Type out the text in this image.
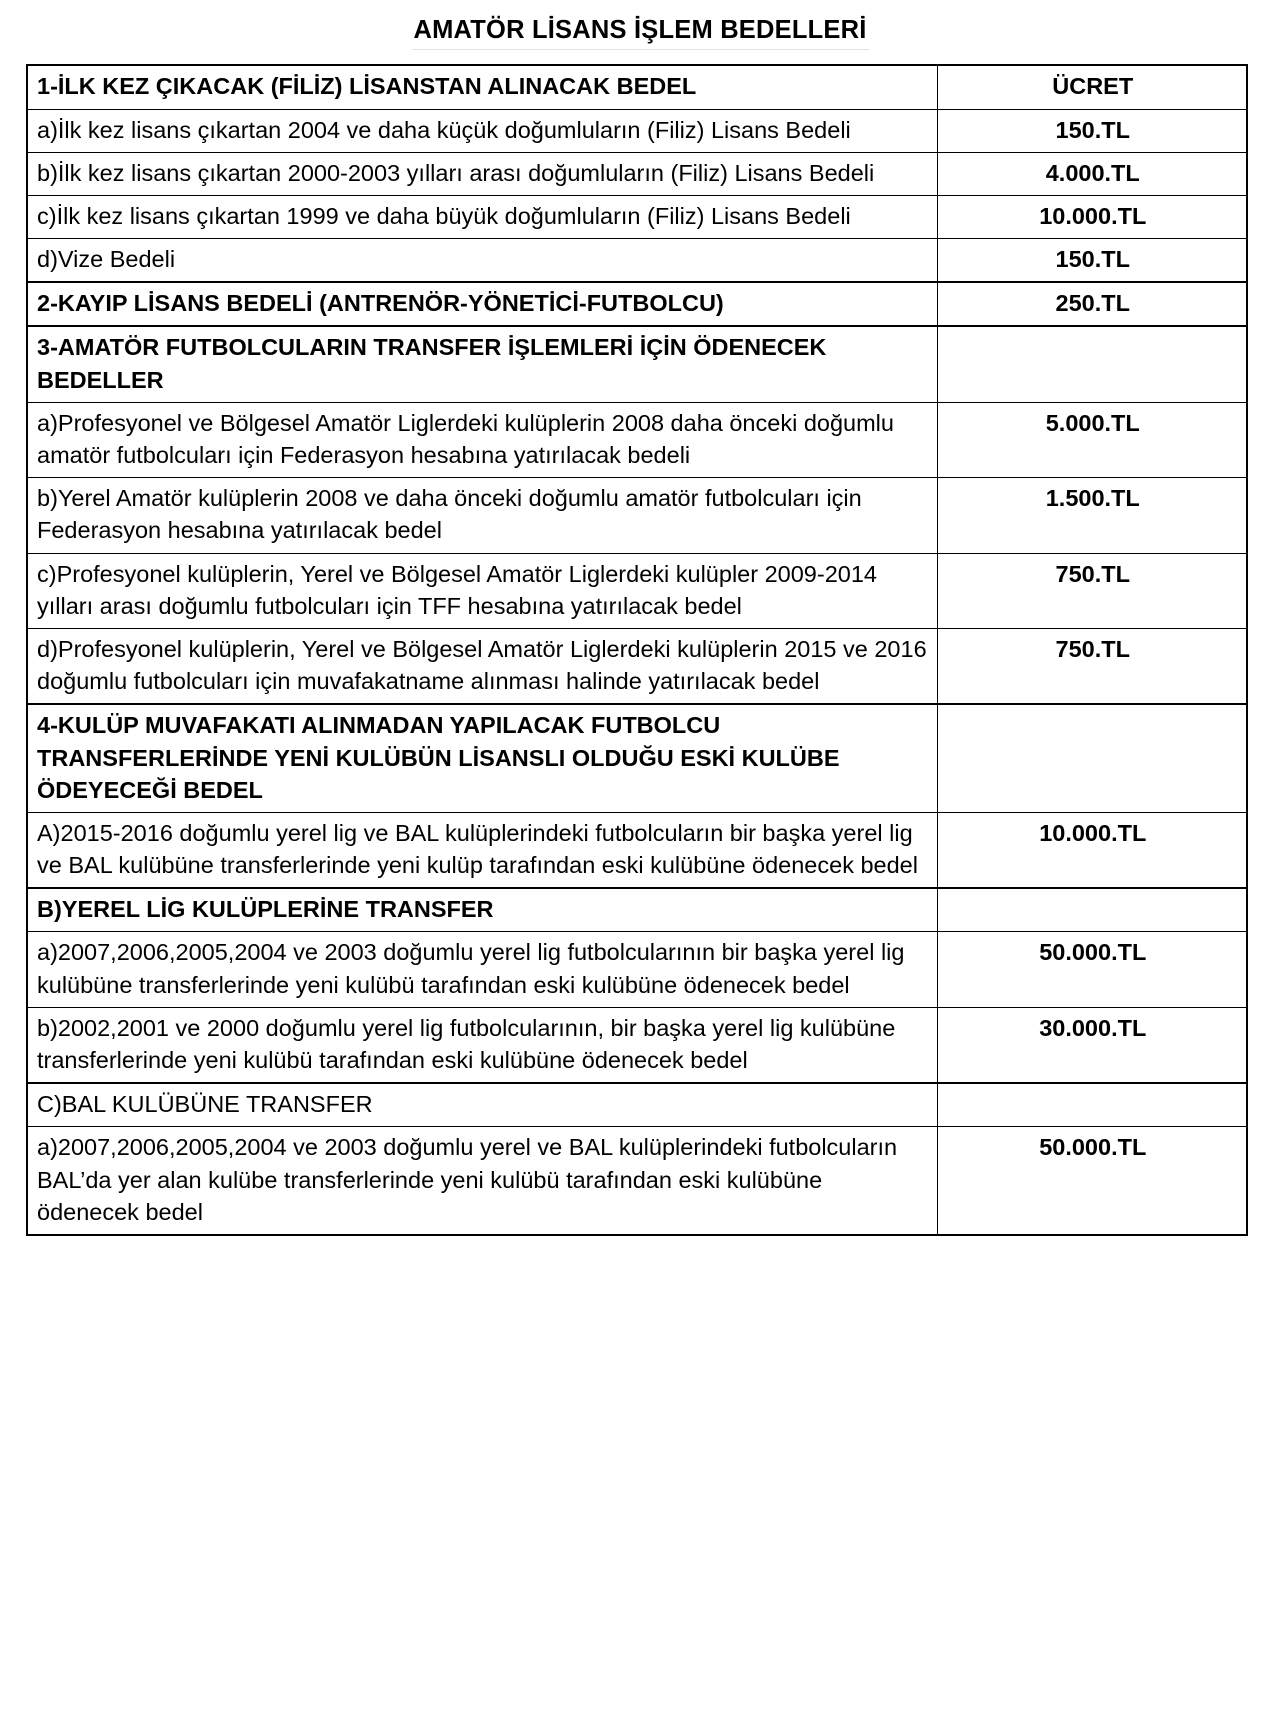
AMATÖR LİSANS İŞLEM BEDELLERİ
1-İLK KEZ ÇIKACAK (FİLİZ) LİSANSTAN ALINACAK BEDEL	ÜCRET
a)İlk kez lisans çıkartan 2004 ve daha küçük doğumluların (Filiz) Lisans Bedeli	150.TL
b)İlk kez lisans çıkartan 2000-2003 yılları arası doğumluların (Filiz) Lisans Bedeli	4.000.TL
c)İlk kez lisans çıkartan 1999 ve daha büyük doğumluların (Filiz) Lisans Bedeli	10.000.TL
d)Vize Bedeli	150.TL
2-KAYIP LİSANS BEDELİ (ANTRENÖR-YÖNETİCİ-FUTBOLCU)	250.TL
3-AMATÖR FUTBOLCULARIN TRANSFER İŞLEMLERİ İÇİN ÖDENECEK BEDELLER	
a)Profesyonel ve Bölgesel Amatör Liglerdeki kulüplerin 2008 daha önceki doğumlu amatör futbolcuları için Federasyon hesabına yatırılacak bedeli	5.000.TL
b)Yerel Amatör kulüplerin 2008 ve daha önceki doğumlu amatör futbolcuları için Federasyon hesabına yatırılacak bedel	1.500.TL
c)Profesyonel kulüplerin, Yerel ve Bölgesel Amatör Liglerdeki kulüpler 2009-2014 yılları arası doğumlu futbolcuları için TFF hesabına yatırılacak bedel	750.TL
d)Profesyonel kulüplerin, Yerel ve Bölgesel Amatör Liglerdeki kulüplerin 2015 ve 2016 doğumlu futbolcuları için muvafakatname alınması halinde yatırılacak bedel	750.TL
4-KULÜP MUVAFAKATI ALINMADAN YAPILACAK FUTBOLCU TRANSFERLERİNDE YENİ KULÜBÜN LİSANSLI OLDUĞU ESKİ KULÜBE ÖDEYECEĞİ BEDEL	
A)2015-2016 doğumlu yerel lig ve BAL kulüplerindeki futbolcuların bir başka yerel lig ve BAL kulübüne transferlerinde yeni kulüp tarafından eski kulübüne ödenecek bedel	10.000.TL
B)YEREL LİG KULÜPLERİNE TRANSFER	
a)2007,2006,2005,2004 ve 2003 doğumlu yerel lig futbolcularının bir başka yerel lig kulübüne transferlerinde yeni kulübü tarafından eski kulübüne ödenecek bedel	50.000.TL
b)2002,2001 ve 2000 doğumlu yerel lig futbolcularının, bir başka yerel lig kulübüne transferlerinde yeni kulübü tarafından eski kulübüne ödenecek bedel	30.000.TL
C)BAL KULÜBÜNE TRANSFER	
a)2007,2006,2005,2004 ve 2003 doğumlu yerel ve BAL kulüplerindeki futbolcuların BAL’da yer alan kulübe transferlerinde yeni kulübü tarafından eski kulübüne ödenecek bedel	50.000.TL
